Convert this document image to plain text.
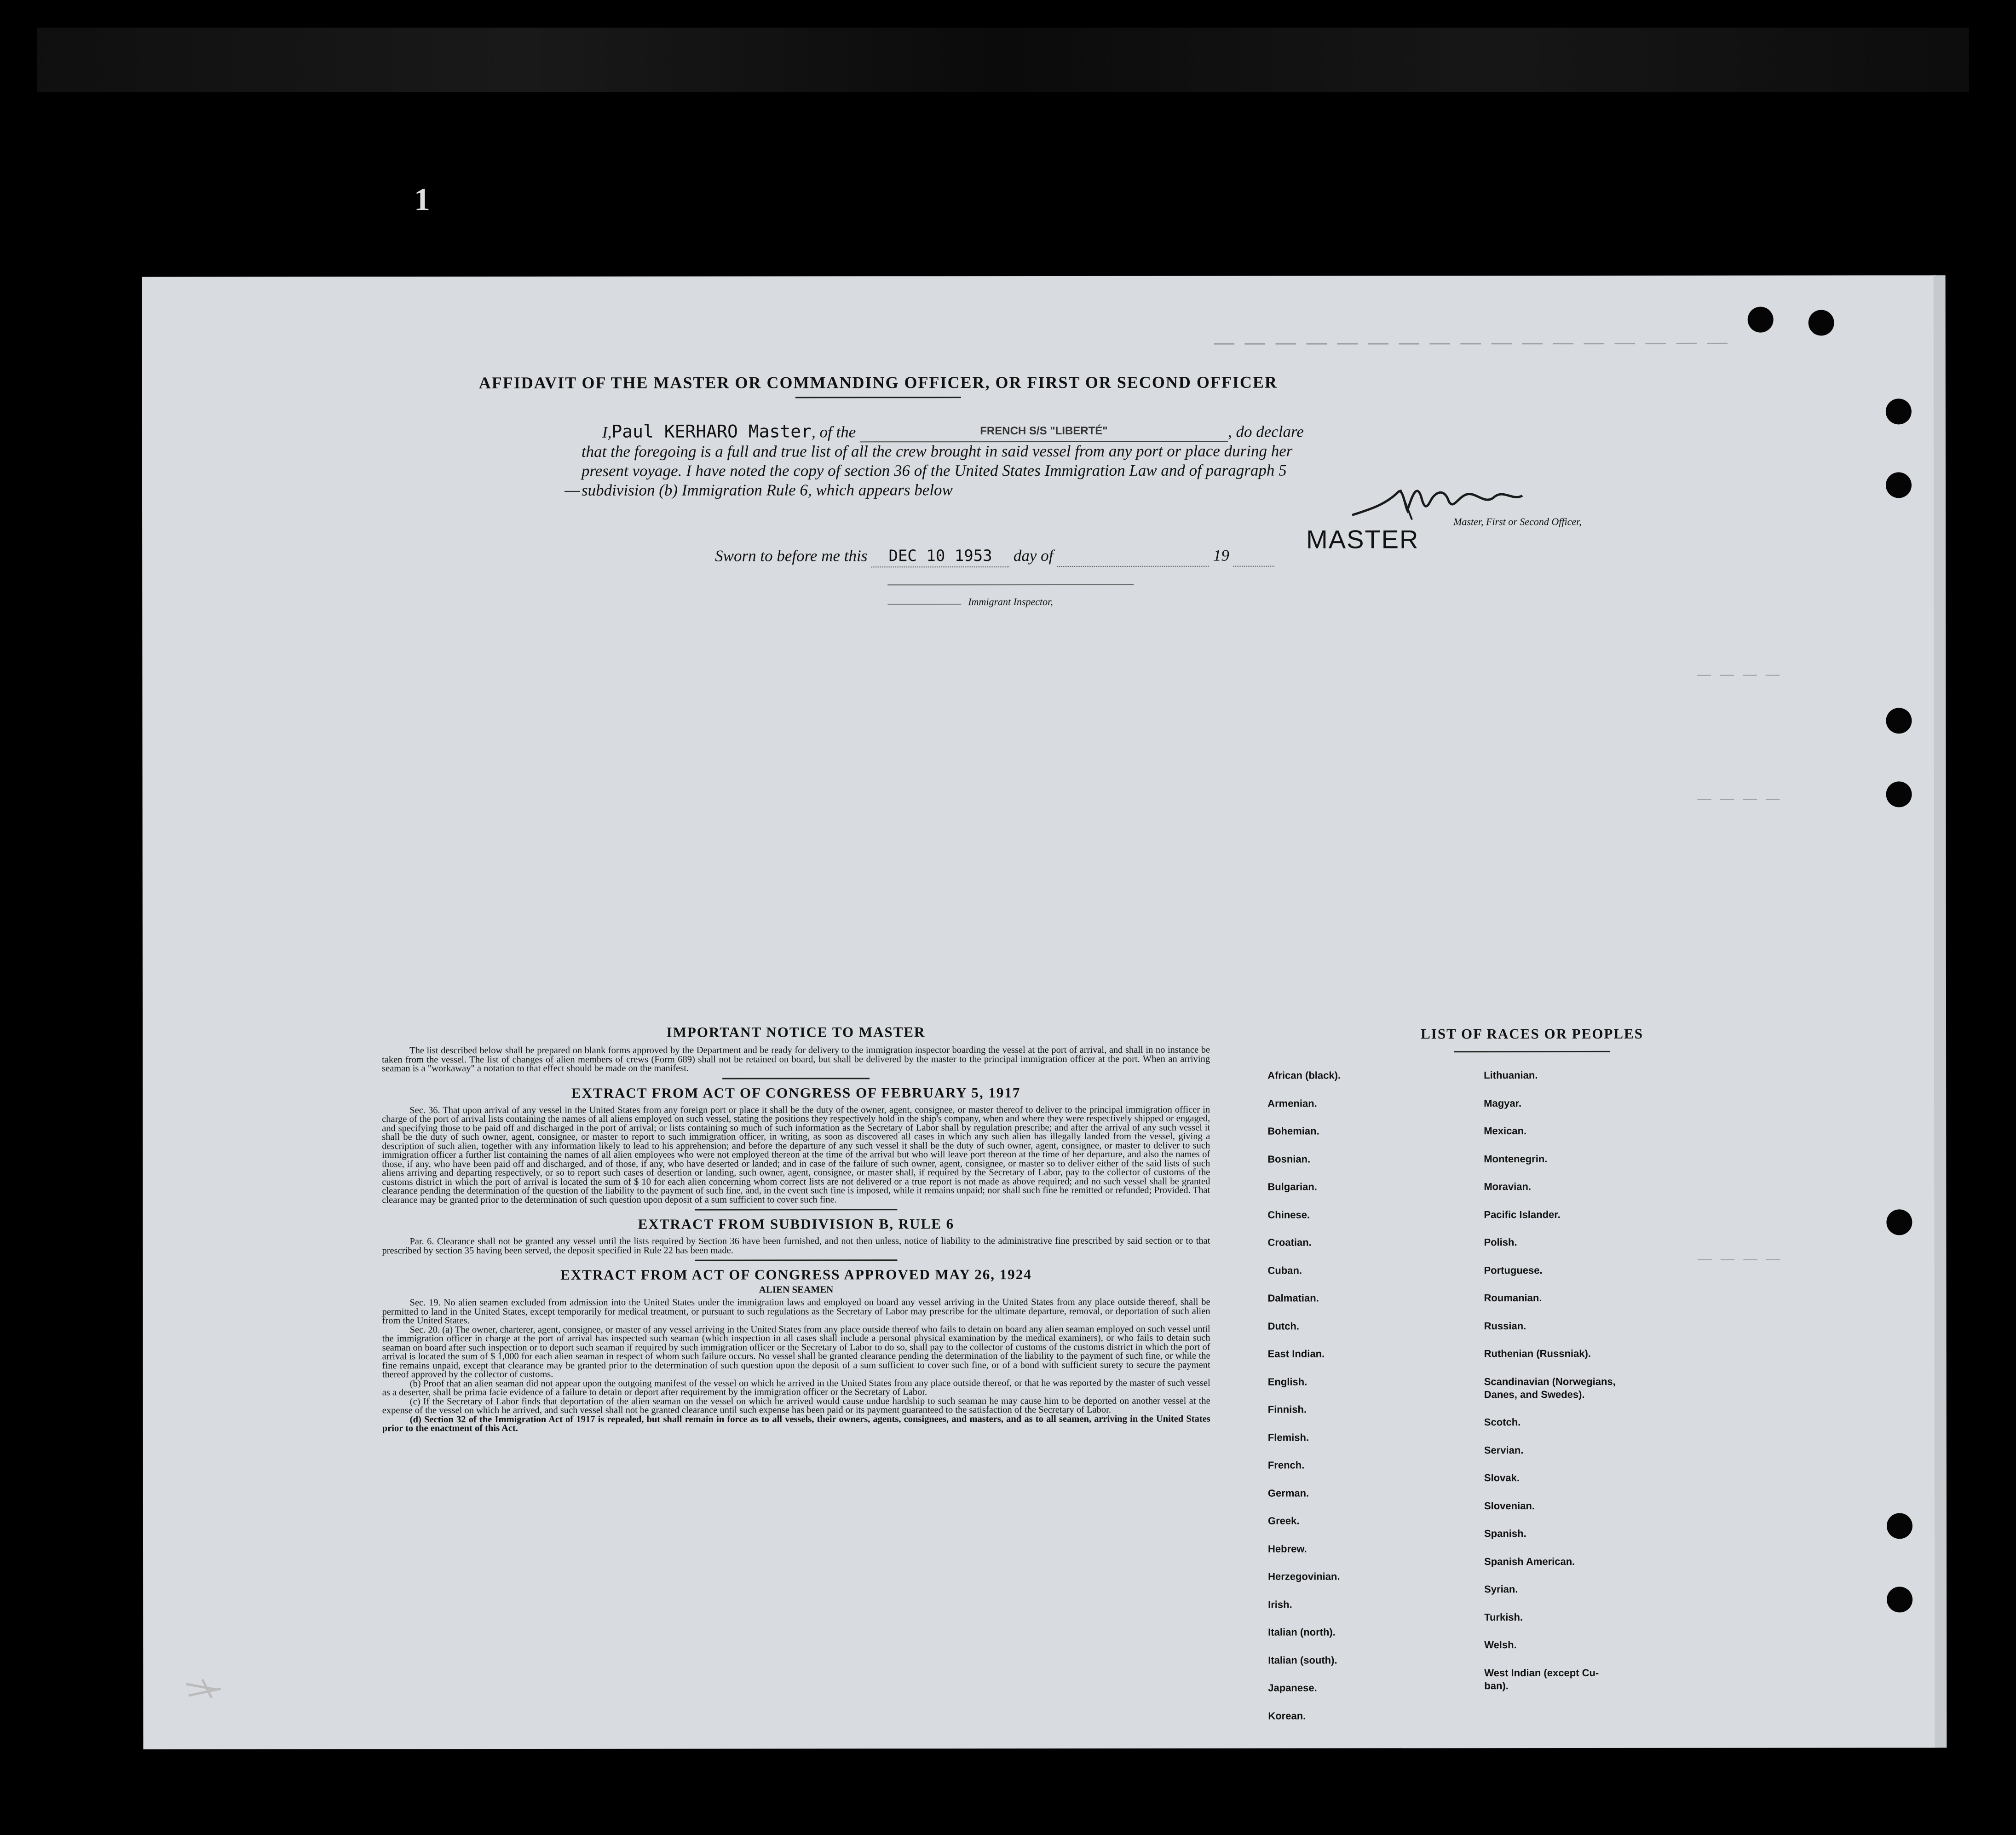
1
— — — — — — — — — — — — — — — — —
— — — —
— — — —
— — — —
AFFIDAVIT OF THE MASTER OR COMMANDING OFFICER, OR FIRST OR SECOND OFFICER
I,Paul KERHARO Master, of the	FRENCH S/S "LIBERTÉ"	, do declare
that the foregoing is a full and true list of all the crew brought in said vessel from any port or place during her
present voyage. I have noted the copy of section 36 of the United States Immigration Law and of paragraph 5
subdivision (b) Immigration Rule 6, which appears below
Master, First or Second Officer,
MASTER
Sworn to before me this DEC 10 1953 day of ​	19 ​
Immigrant Inspector,

IMPORTANT NOTICE TO MASTER

The list described below shall be prepared on blank forms approved by the Department and be ready for delivery to the immigration inspector boarding the vessel at the port of arrival, and shall in no instance be taken from the vessel. The list of changes of alien members of crews (Form 689) shall not be retained on board, but shall be delivered by the master to the principal immigration officer at the port. When an arriving seaman is a "workaway" a notation to that effect should be made on the manifest.

EXTRACT FROM ACT OF CONGRESS OF FEBRUARY 5, 1917

Sec. 36. That upon arrival of any vessel in the United States from any foreign port or place it shall be the duty of the owner, agent, consignee, or master thereof to deliver to the principal immigration officer in charge of the port of arrival lists containing the names of all aliens employed on such vessel, stating the positions they respectively hold in the ship's company, when and where they were respectively shipped or engaged, and specifying those to be paid off and discharged in the port of arrival; or lists containing so much of such information as the Secretary of Labor shall by regulation prescribe; and after the arrival of any such vessel it shall be the duty of such owner, agent, consignee, or master to report to such immigration officer, in writing, as soon as discovered all cases in which any such alien has illegally landed from the vessel, giving a description of such alien, together with any information likely to lead to his apprehension; and before the departure of any such vessel it shall be the duty of such owner, agent, consignee, or master to deliver to such immigration officer a further list containing the names of all alien employees who were not employed thereon at the time of the arrival but who will leave port thereon at the time of her departure, and also the names of those, if any, who have been paid off and discharged, and of those, if any, who have deserted or landed; and in case of the failure of such owner, agent, consignee, or master so to deliver either of the said lists of such aliens arriving and departing respectively, or so to report such cases of desertion or landing, such owner, agent, consignee, or master shall, if required by the Secretary of Labor, pay to the collector of customs of the customs district in which the port of arrival is located the sum of $ 10 for each alien concerning whom correct lists are not delivered or a true report is not made as above required; and no such vessel shall be granted clearance pending the determination of the question of the liability to the payment of such fine, and, in the event such fine is imposed, while it remains unpaid; nor shall such fine be remitted or refunded; Provided. That clearance may be granted prior to the determination of such question upon deposit of a sum sufficient to cover such fine.

EXTRACT FROM SUBDIVISION B, RULE 6

Par. 6. Clearance shall not be granted any vessel until the lists required by Section 36 have been furnished, and not then unless, notice of liability to the administrative fine prescribed by said section or to that prescribed by section 35 having been served, the deposit specified in Rule 22 has been made.

EXTRACT FROM ACT OF CONGRESS APPROVED MAY 26, 1924

ALIEN SEAMEN

Sec. 19. No alien seamen excluded from admission into the United States under the immigration laws and employed on board any vessel arriving in the United States from any place outside thereof, shall be permitted to land in the United States, except temporarily for medical treatment, or pursuant to such regulations as the Secretary of Labor may prescribe for the ultimate departure, removal, or deportation of such alien from the United States.

Sec. 20. (a) The owner, charterer, agent, consignee, or master of any vessel arriving in the United States from any place outside thereof who fails to detain on board any alien seaman employed on such vessel until the immigration officer in charge at the port of arrival has inspected such seaman (which inspection in all cases shall include a personal physical examination by the medical examiners), or who fails to detain such seaman on board after such inspection or to deport such seaman if required by such immigration officer or the Secretary of Labor to do so, shall pay to the collector of customs of the customs district in which the port of arrival is located the sum of $ 1,000 for each alien seaman in respect of whom such failure occurs. No vessel shall be granted clearance pending the determination of the liability to the payment of such fine, or while the fine remains unpaid, except that clearance may be granted prior to the determination of such question upon the deposit of a sum sufficient to cover such fine, or of a bond with sufficient surety to secure the payment thereof approved by the collector of customs.

(b) Proof that an alien seaman did not appear upon the outgoing manifest of the vessel on which he arrived in the United States from any place outside thereof, or that he was reported by the master of such vessel as a deserter, shall be prima facie evidence of a failure to detain or deport after requirement by the immigration officer or the Secretary of Labor.

(c) If the Secretary of Labor finds that deportation of the alien seaman on the vessel on which he arrived would cause undue hardship to such seaman he may cause him to be deported on another vessel at the expense of the vessel on which he arrived, and such vessel shall not be granted clearance until such expense has been paid or its payment guaranteed to the satisfaction of the Secretary of Labor.

(d) Section 32 of the Immigration Act of 1917 is repealed, but shall remain in force as to all vessels, their owners, agents, consignees, and masters, and as to all seamen, arriving in the United States prior to the enactment of this Act.

LIST OF RACES OR PEOPLES
African (black).
Armenian.
Bohemian.
Bosnian.
Bulgarian.
Chinese.
Croatian.
Cuban.
Dalmatian.
Dutch.
East Indian.
English.
Finnish.
Flemish.
French.
German.
Greek.
Hebrew.
Herzegovinian.
Irish.
Italian (north).
Italian (south).
Japanese.
Korean.
Lithuanian.
Magyar.
Mexican.
Montenegrin.
Moravian.
Pacific Islander.
Polish.
Portuguese.
Roumanian.
Russian.
Ruthenian (Russniak).
Scandinavian (Norwegians,
Danes, and Swedes).
Scotch.
Servian.
Slovak.
Slovenian.
Spanish.
Spanish American.
Syrian.
Turkish.
Welsh.
West Indian (except Cu-
ban).
